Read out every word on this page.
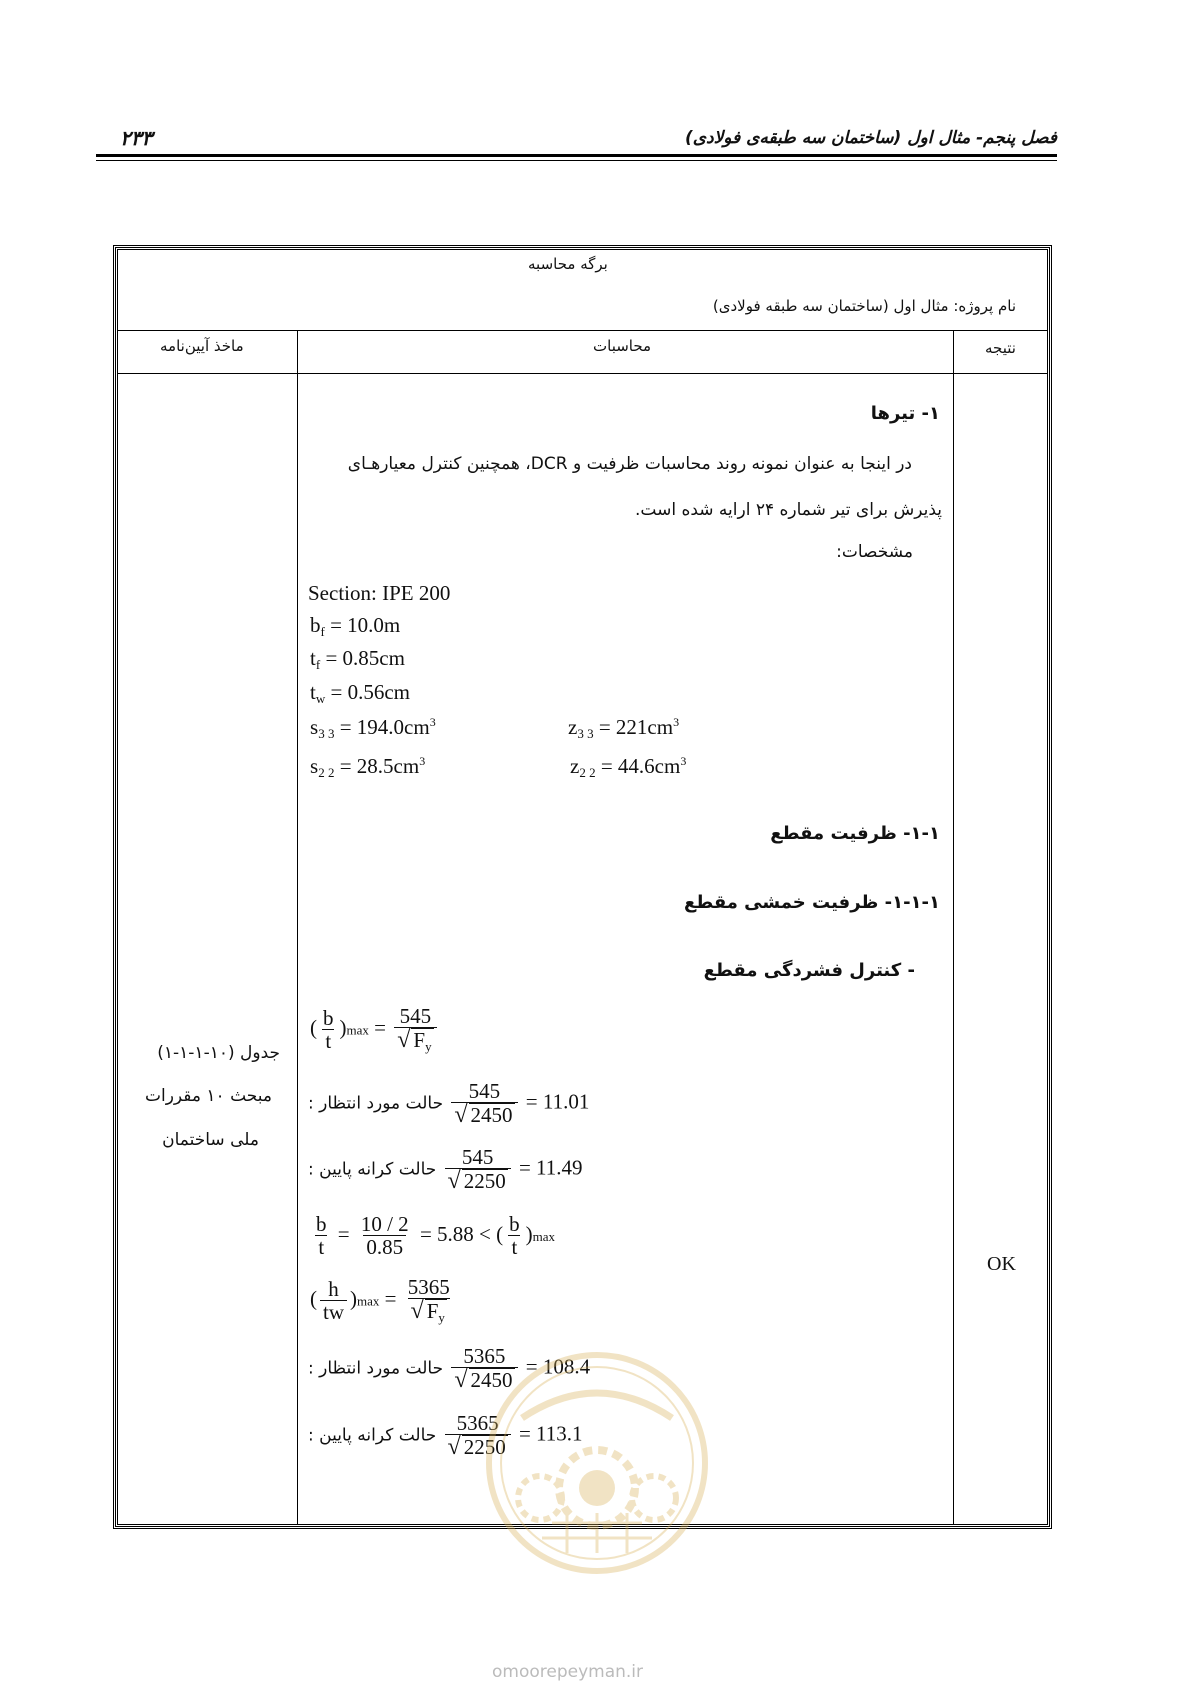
فصل پنجم- مثال اول (ساختمان سه طبقه‌ی فولادی)
۲۳۳
برگه محاسبه
نام پروژه: مثال اول (ساختمان سه طبقه فولادی)
نتیجه
محاسبات
ماخذ آیین‌نامه
۱- تیرها
در اینجا به عنوان نمونه روند محاسبات ظرفیت و DCR، همچنین کنترل معیارهـای
پذیرش برای تیر شماره ۲۴ ارایه شده است.
مشخصات:
Section: IPE 200
$b_f = 10.0m$
$t_f = 0.85cm$
$t_w = 0.56cm$
$s_{3 3} = 194.0cm^3$	$z_{3 3} = 221cm^3$
$s_{2 2} = 28.5cm^3$	$z_{2 2} = 44.6cm^3$
۱-۱- ظرفیت مقطع
۱-۱-۱- ظرفیت خمشی مقطع
- کنترل فشردگی مقطع
( $\frac{b}{t} )\max = \frac{545}{√ F_y}$
حالت مورد انتظار : $\frac{545}{√ 2450} = 11.01$
حالت کرانه پایین : $\frac{545}{√ 2250} = 11.49$
$\frac{b}{t} = \frac{10 / 2}{0.85} = 5.88$ < ( $\frac{b}{t} )\max$
( $\frac{h}{tw} )\max = \frac{5365}{√ F_y}$
حالت مورد انتظار : $\frac{5365}{√ 2450} = 108.4$
حالت کرانه پایین : $\frac{5365}{√ 2250} = 113.1$
جدول (۱۰-۱-۱-۱)
مبحث ۱۰ مقررات
ملی ساختمان
OK
omoorepeyman.ir
